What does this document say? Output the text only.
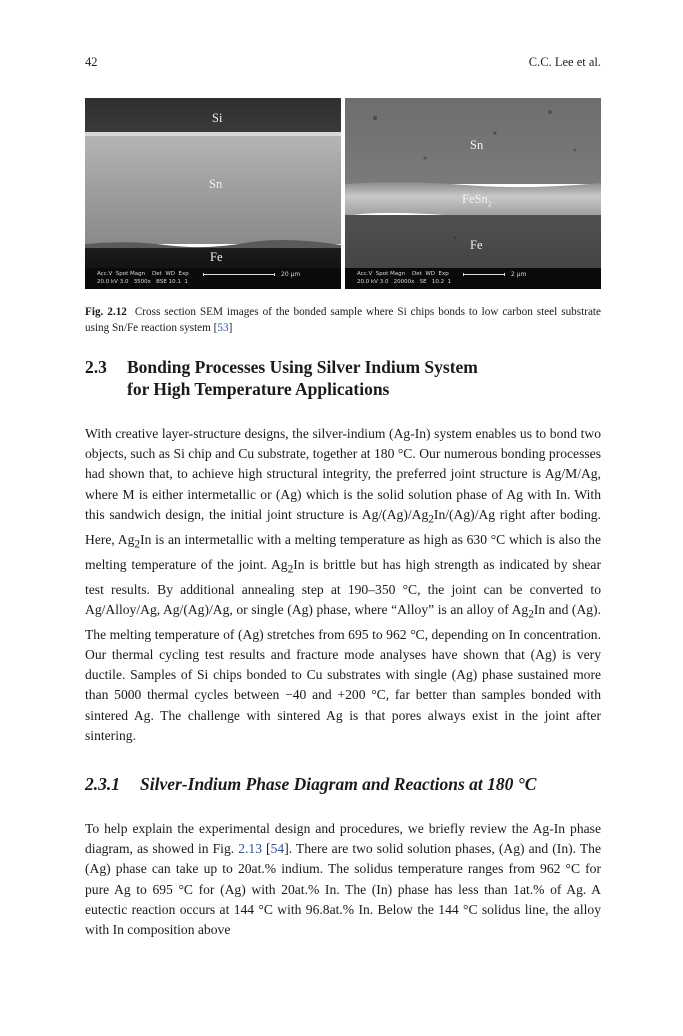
42	C.C. Lee et al.
Si
Sn
Fe
Acc.V  Spot Magn    Det  WD  Exp
20.0 kV 3.0   3500x   BSE 10.1  1
20 µm
Sn
FeSn$_2$
Fe
Acc.V  Spot Magn    Det  WD  Exp
20.0 kV 3.0   20000x   SE   10.2  1
2 µm
Fig. 2.12 Cross section SEM images of the bonded sample where Si chips bonds to low carbon steel substrate using Sn/Fe reaction system [53]
2.3 Bonding Processes Using Silver Indium System
for High Temperature Applications
With creative layer-structure designs, the silver-indium (Ag-In) system enables us to bond two objects, such as Si chip and Cu substrate, together at 180 °C. Our numerous bonding processes had shown that, to achieve high structural integrity, the preferred joint structure is Ag/M/Ag, where M is either intermetallic or (Ag) which is the solid solution phase of Ag with In. With this sandwich design, the initial joint structure is $Ag/(Ag)/Ag_2In/(Ag)/Ag$ right after boding. Here, $Ag_2In$ is an intermetallic with a melting temperature as high as 630 °C which is also the melting temperature of the joint. $Ag_2In$ is brittle but has high strength as indicated by shear test results. By additional annealing step at 190–350 °C, the joint can be converted to Ag/Alloy/Ag, Ag/(Ag)/Ag, or single (Ag) phase, where “Alloy” is an alloy of $Ag_2In$ and (Ag). The melting temperature of (Ag) stretches from 695 to 962 °C, depending on In concentration. Our thermal cycling test results and fracture mode analyses have shown that (Ag) is very ductile. Samples of Si chips bonded to Cu substrates with single (Ag) phase sustained more than 5000 thermal cycles between −40 and +200 °C, far better than samples bonded with sintered Ag. The challenge with sintered Ag is that pores always exist in the joint after sintering.
2.3.1 Silver-Indium Phase Diagram and Reactions at 180 °C
To help explain the experimental design and procedures, we briefly review the Ag-In phase diagram, as showed in Fig. 2.13 [54]. There are two solid solution phases, (Ag) and (In). The (Ag) phase can take up to 20at.% indium. The solidus temperature ranges from 962 °C for pure Ag to 695 °C for (Ag) with 20at.% In. The (In) phase has less than 1at.% of Ag. A eutectic reaction occurs at 144 °C with 96.8at.% In. Below the 144 °C solidus line, the alloy with In composition above
